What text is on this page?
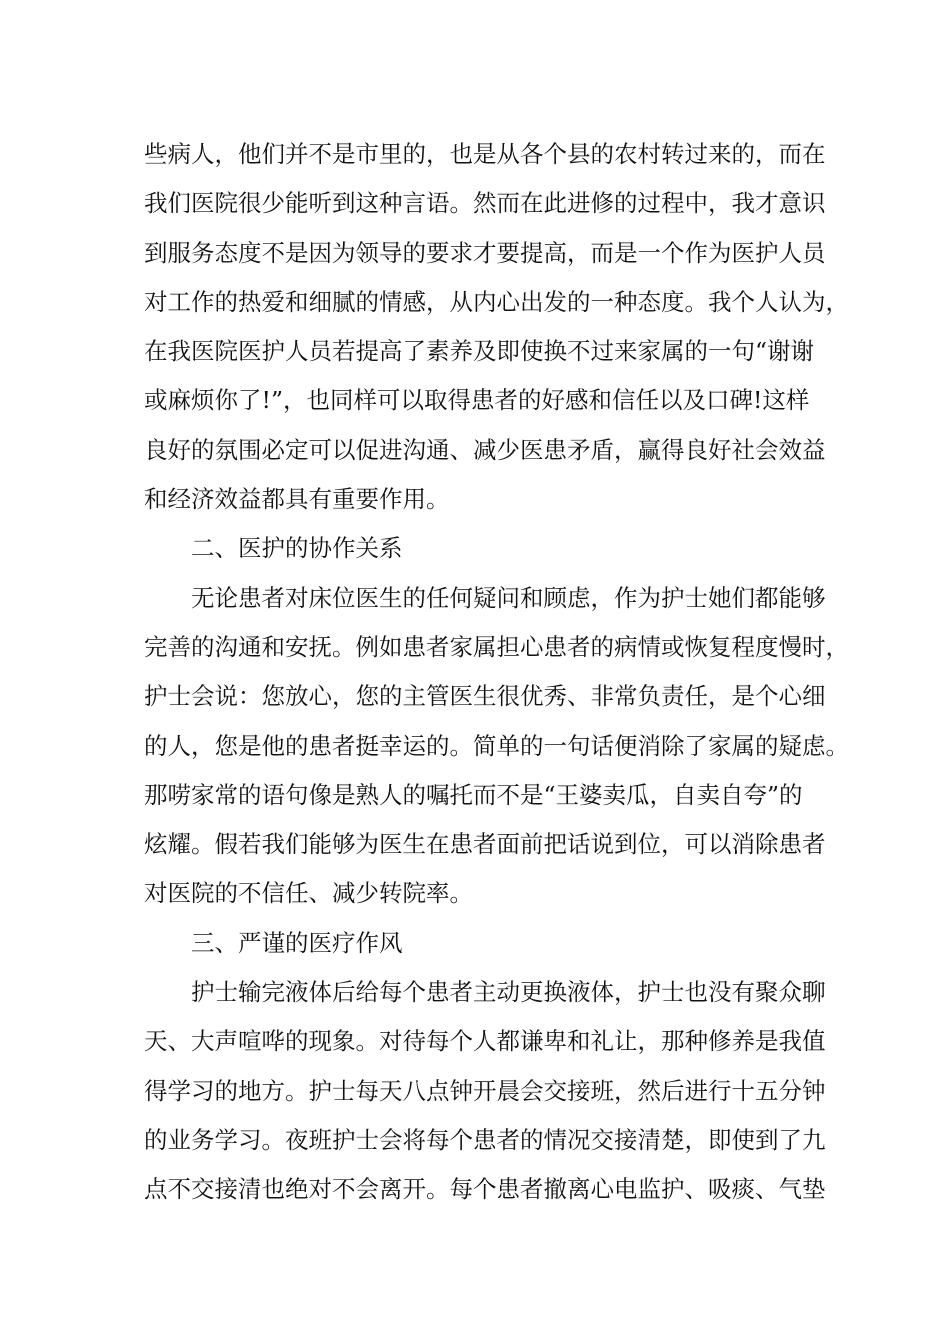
些病人，他们并不是市里的，也是从各个县的农村转过来的，而在
我们医院很少能听到这种言语。然而在此进修的过程中，我才意识
到服务态度不是因为领导的要求才要提高，而是一个作为医护人员
对工作的热爱和细腻的情感，从内心出发的一种态度。我个人认为，
在我医院医护人员若提高了素养及即使换不过来家属的一句“谢谢
或麻烦你了!”，也同样可以取得患者的好感和信任以及口碑!这样
良好的氛围必定可以促进沟通、减少医患矛盾，赢得良好社会效益
和经济效益都具有重要作用。
二、医护的协作关系
无论患者对床位医生的任何疑问和顾虑，作为护士她们都能够
完善的沟通和安抚。例如患者家属担心患者的病情或恢复程度慢时，
护士会说：您放心，您的主管医生很优秀、非常负责任，是个心细
的人，您是他的患者挺幸运的。简单的一句话便消除了家属的疑虑。
那唠家常的语句像是熟人的嘱托而不是“王婆卖瓜，自卖自夸”的
炫耀。假若我们能够为医生在患者面前把话说到位，可以消除患者
对医院的不信任、减少转院率。
三、严谨的医疗作风
护士输完液体后给每个患者主动更换液体，护士也没有聚众聊
天、大声喧哗的现象。对待每个人都谦卑和礼让，那种修养是我值
得学习的地方。护士每天八点钟开晨会交接班，然后进行十五分钟
的业务学习。夜班护士会将每个患者的情况交接清楚，即使到了九
点不交接清也绝对不会离开。每个患者撤离心电监护、吸痰、气垫
